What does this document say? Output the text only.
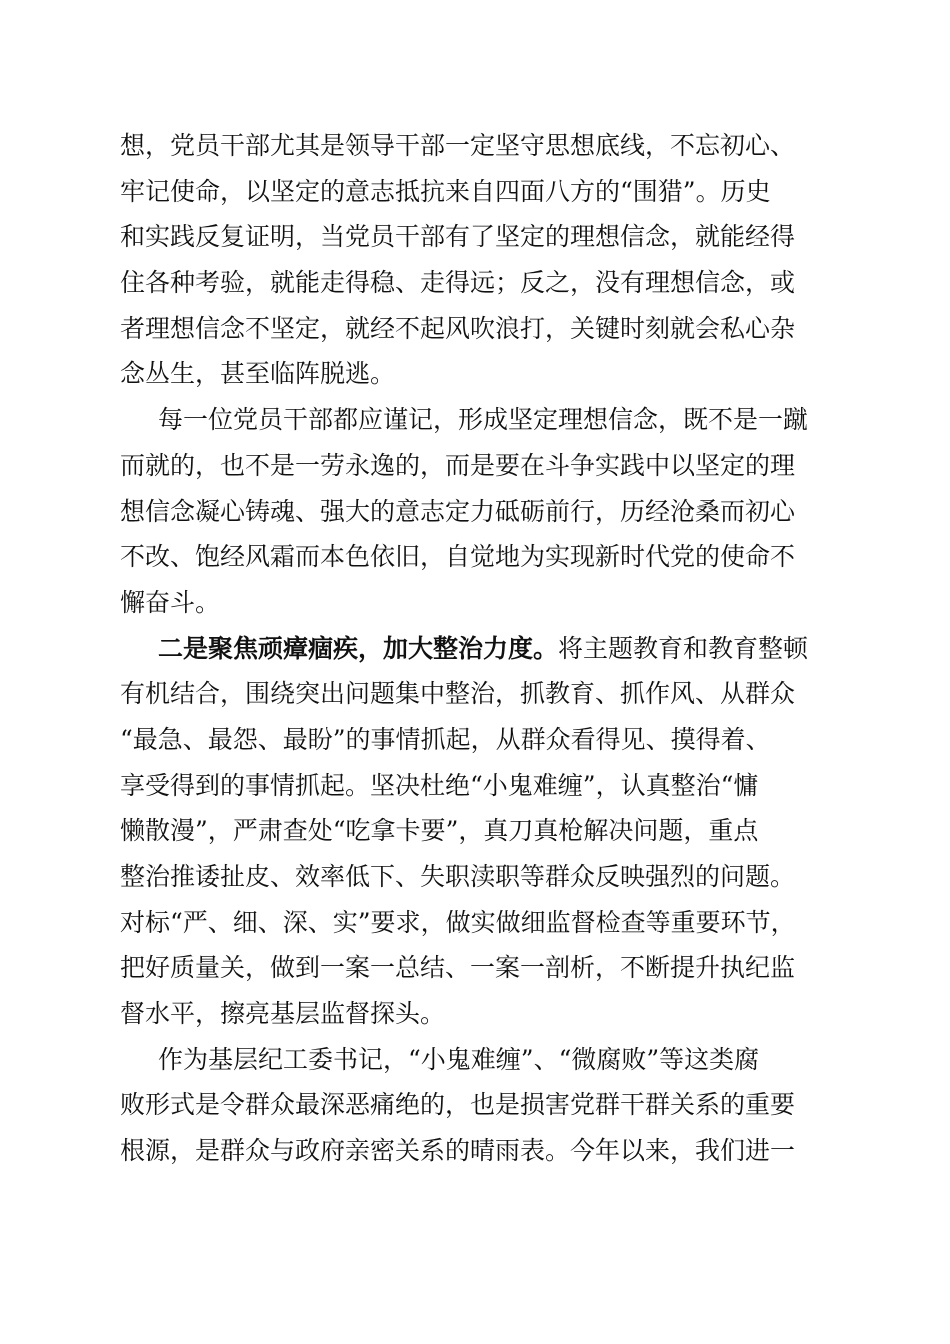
想，党员干部尤其是领导干部一定坚守思想底线，不忘初心、
牢记使命，以坚定的意志抵抗来自四面八方的“围猎”。历史
和实践反复证明，当党员干部有了坚定的理想信念，就能经得
住各种考验，就能走得稳、走得远；反之，没有理想信念，或
者理想信念不坚定，就经不起风吹浪打，关键时刻就会私心杂
念丛生，甚至临阵脱逃。
每一位党员干部都应谨记，形成坚定理想信念，既不是一蹴
而就的，也不是一劳永逸的，而是要在斗争实践中以坚定的理
想信念凝心铸魂、强大的意志定力砥砺前行，历经沧桑而初心
不改、饱经风霜而本色依旧，自觉地为实现新时代党的使命不
懈奋斗。
二是聚焦顽瘴痼疾，加大整治力度。将主题教育和教育整顿
有机结合，围绕突出问题集中整治，抓教育、抓作风、从群众
“最急、最怨、最盼”的事情抓起，从群众看得见、摸得着、
享受得到的事情抓起。坚决杜绝“小鬼难缠”，认真整治“慵
懒散漫”，严肃查处“吃拿卡要”，真刀真枪解决问题，重点
整治推诿扯皮、效率低下、失职渎职等群众反映强烈的问题。
对标“严、细、深、实”要求，做实做细监督检查等重要环节，
把好质量关，做到一案一总结、一案一剖析，不断提升执纪监
督水平，擦亮基层监督探头。
作为基层纪工委书记，“小鬼难缠”、“微腐败”等这类腐
败形式是令群众最深恶痛绝的，也是损害党群干群关系的重要
根源，是群众与政府亲密关系的晴雨表。今年以来，我们进一
